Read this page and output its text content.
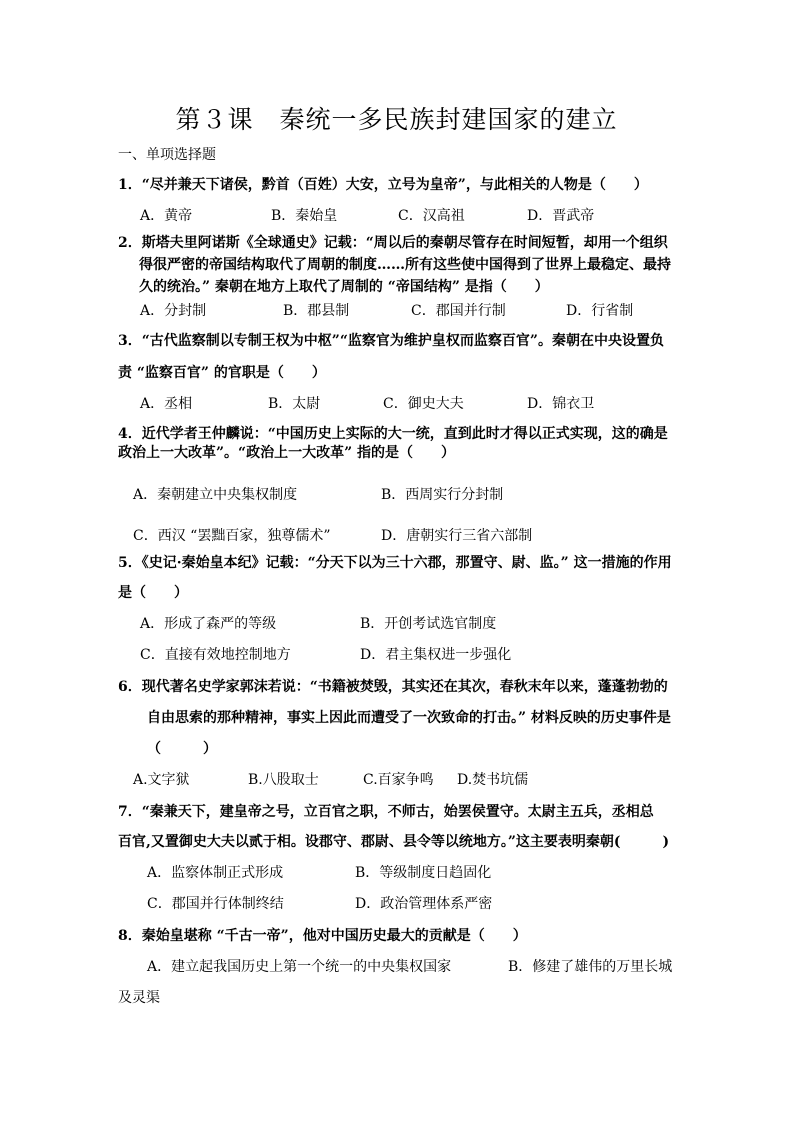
第３课　秦统一多民族封建国家的建立
一、单项选择题
1．“尽并兼天下诸侯，黔首（百姓）大安，立号为皇帝”，与此相关的人物是（　　）
A．黄帝	B．秦始皇	C．汉高祖	D．晋武帝
2．斯塔夫里阿诺斯《全球通史》记载：“周以后的秦朝尽管存在时间短暂，却用一个组织
得很严密的帝国结构取代了周朝的制度……所有这些使中国得到了世界上最稳定、最持
久的统治。” 秦朝在地方上取代了周制的 “帝国结构” 是指（　　）
A．分封制	B．郡县制	C．郡国并行制	D．行省制
3．“古代监察制以专制王权为中枢”“监察官为维护皇权而监察百官”。秦朝在中央设置负
责 “监察百官” 的官职是（　　）
A．丞相	B．太尉	C．御史大夫	D．锦衣卫
4．近代学者王仲麟说：“中国历史上实际的大一统，直到此时才得以正式实现，这的确是
政治上一大改革”。“政治上一大改革” 指的是（　　）
A．秦朝建立中央集权制度	B．西周实行分封制
C．西汉 “罢黜百家，独尊儒术”	D．唐朝实行三省六部制
5．《史记·秦始皇本纪》记载：“分天下以为三十六郡，那置守、尉、监。” 这一措施的作用
是（　　）
A．形成了森严的等级	B．开创考试选官制度
C．直接有效地控制地方	D．君主集权进一步强化
6．现代著名史学家郭沫若说：“书籍被焚毁，其实还在其次，春秋末年以来，蓬蓬勃勃的
自由思索的那种精神，事实上因此而遭受了一次致命的打击。” 材料反映的历史事件是
（　　　）
A.文字狱	B.八股取士	C.百家争鸣 D.焚书坑儒
7．“秦兼天下，建皇帝之号，立百官之职，不师古，始罢侯置守。太尉主五兵，丞相总
百官,又置御史大夫以贰于相。设郡守、郡尉、县令等以统地方。”这主要表明秦朝(　　　)
A．监察体制正式形成	B．等级制度日趋固化
C．郡国并行体制终结	D．政治管理体系严密
8．秦始皇堪称 “千古一帝”，他对中国历史最大的贡献是（　　）
A．建立起我国历史上第一个统一的中央集权国家	B．修建了雄伟的万里长城
及灵渠
